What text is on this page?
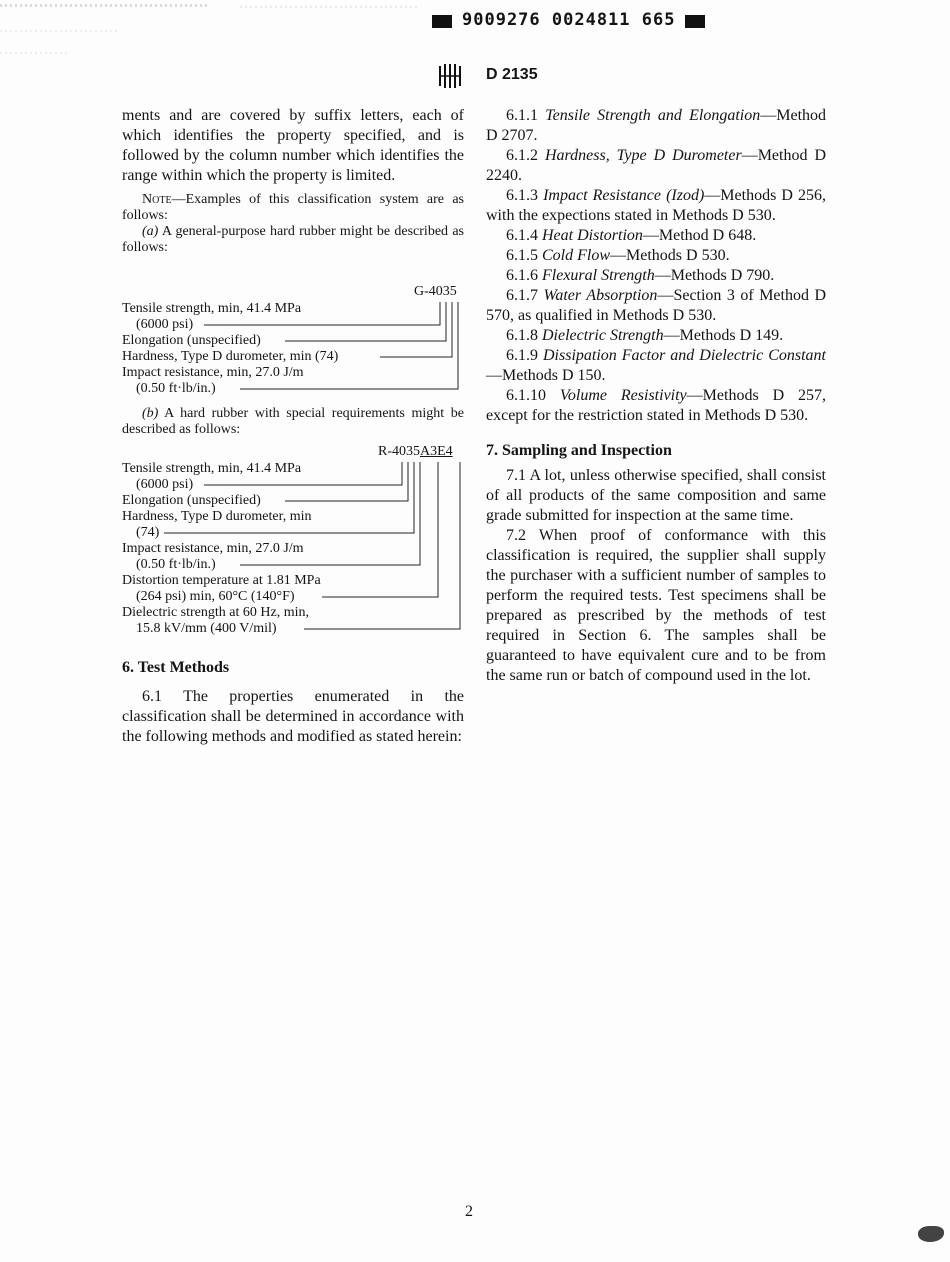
9009276 0024811 665
D 2135

ments and are covered by suffix letters, each of which identifies the property specified, and is followed by the column number which identifies the range within which the property is limited.

Note—Examples of this classification system are as follows:

(a) A general-purpose hard rubber might be described as follows:

G-4035
Tensile strength, min, 41.4 MPa
(6000 psi)
Elongation (unspecified)
Hardness, Type D durometer, min (74)
Impact resistance, min, 27.0 J/m
(0.50 ft·lb/in.)

(b) A hard rubber with special requirements might be described as follows:

R-4035A3E4
Tensile strength, min, 41.4 MPa
(6000 psi)
Elongation (unspecified)
Hardness, Type D durometer, min
(74)
Impact resistance, min, 27.0 J/m
(0.50 ft·lb/in.)
Distortion temperature at 1.81 MPa
(264 psi) min, 60°C (140°F)
Dielectric strength at 60 Hz, min,
15.8 kV/mm (400 V/mil)

6. Test Methods

6.1 The properties enumerated in the classification shall be determined in accordance with the following methods and modified as stated herein:

6.1.1 Tensile Strength and Elongation—Method D 2707.

6.1.2 Hardness, Type D Durometer—Method D 2240.

6.1.3 Impact Resistance (Izod)—Methods D 256, with the expections stated in Methods D 530.

6.1.4 Heat Distortion—Method D 648.

6.1.5 Cold Flow—Methods D 530.

6.1.6 Flexural Strength—Methods D 790.

6.1.7 Water Absorption—Section 3 of Method D 570, as qualified in Methods D 530.

6.1.8 Dielectric Strength—Methods D 149.

6.1.9 Dissipation Factor and Dielectric Constant—Methods D 150.

6.1.10 Volume Resistivity—Methods D 257, except for the restriction stated in Methods D 530.

7. Sampling and Inspection

7.1 A lot, unless otherwise specified, shall consist of all products of the same composition and same grade submitted for inspection at the same time.

7.2 When proof of conformance with this classification is required, the supplier shall supply the purchaser with a sufficient number of samples to perform the required tests. Test specimens shall be prepared as prescribed by the methods of test required in Section 6. The samples shall be guaranteed to have equivalent cure and to be from the same run or batch of compound used in the lot.

2
